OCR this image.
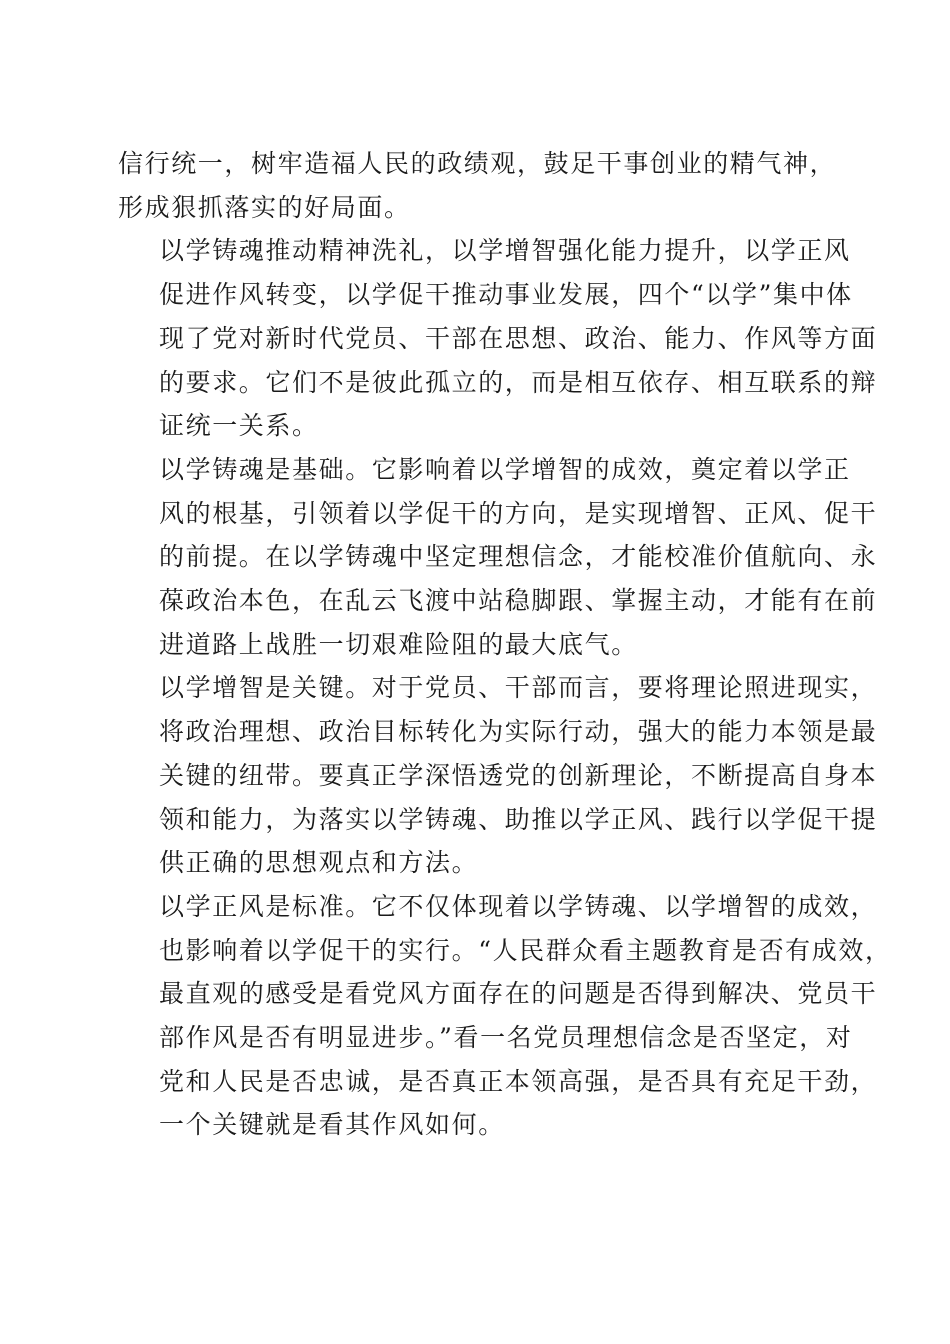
信行统一，树牢造福人民的政绩观，鼓足干事创业的精气神，
形成狠抓落实的好局面。

以学铸魂推动精神洗礼，以学增智强化能力提升，以学正风
促进作风转变，以学促干推动事业发展，四个“以学”集中体
现了党对新时代党员、干部在思想、政治、能力、作风等方面
的要求。它们不是彼此孤立的，而是相互依存、相互联系的辩
证统一关系。

以学铸魂是基础。它影响着以学增智的成效，奠定着以学正
风的根基，引领着以学促干的方向，是实现增智、正风、促干
的前提。在以学铸魂中坚定理想信念，才能校准价值航向、永
葆政治本色，在乱云飞渡中站稳脚跟、掌握主动，才能有在前
进道路上战胜一切艰难险阻的最大底气。

以学增智是关键。对于党员、干部而言，要将理论照进现实，
将政治理想、政治目标转化为实际行动，强大的能力本领是最
关键的纽带。要真正学深悟透党的创新理论，不断提高自身本
领和能力，为落实以学铸魂、助推以学正风、践行以学促干提
供正确的思想观点和方法。

以学正风是标准。它不仅体现着以学铸魂、以学增智的成效，
也影响着以学促干的实行。“人民群众看主题教育是否有成效，
最直观的感受是看党风方面存在的问题是否得到解决、党员干
部作风是否有明显进步。”看一名党员理想信念是否坚定，对
党和人民是否忠诚，是否真正本领高强，是否具有充足干劲，
一个关键就是看其作风如何。
